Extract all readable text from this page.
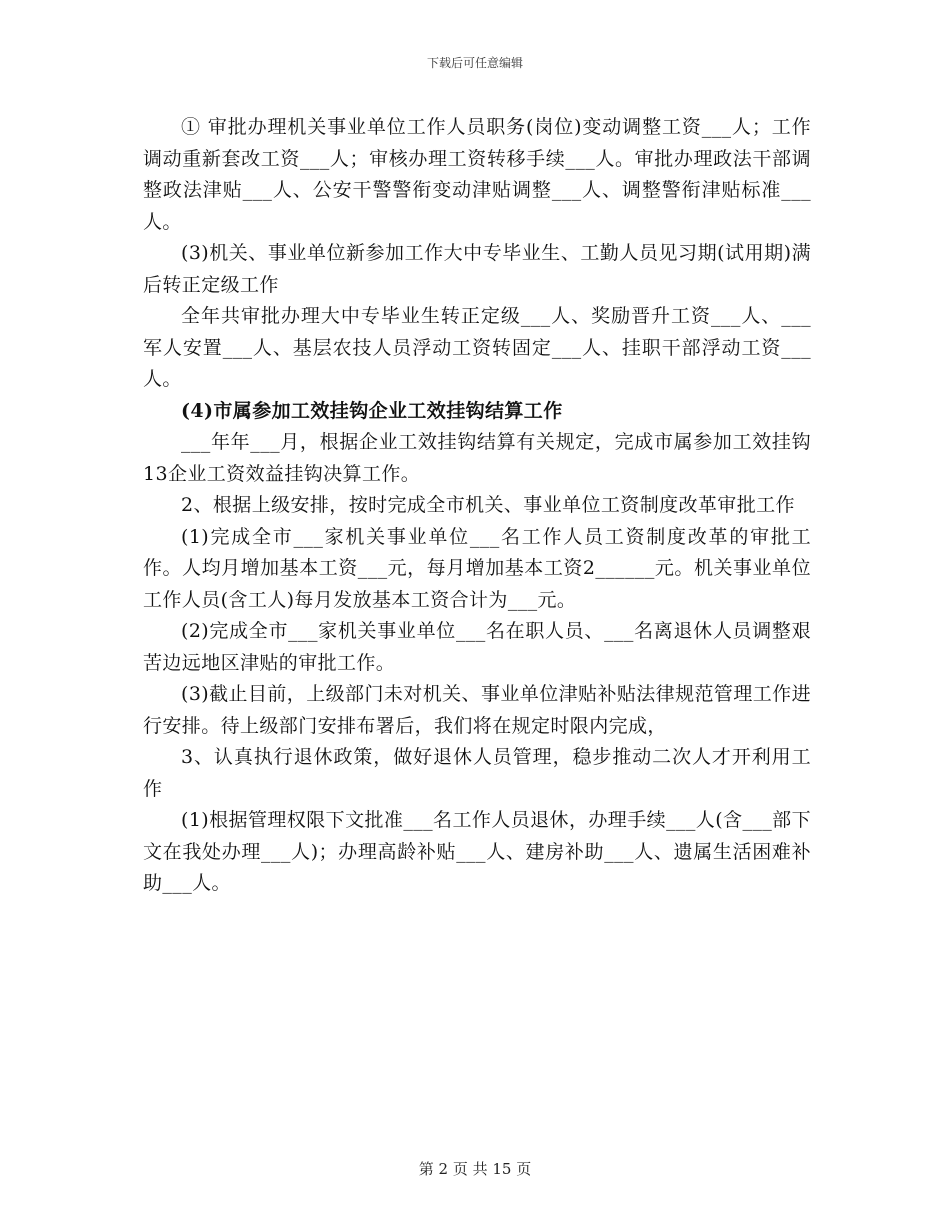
下载后可任意编辑

① 审批办理机关事业单位工作人员职务(岗位)变动调整工资___人；工作调动重新套改工资___人；审核办理工资转移手续___人。审批办理政法干部调整政法津贴___人、公安干警警衔变动津贴调整___人、调整警衔津贴标准___人。

(3)机关、事业单位新参加工作大中专毕业生、工勤人员见习期(试用期)满后转正定级工作

全年共审批办理大中专毕业生转正定级___人、奖励晋升工资___人、___军人安置___人、基层农技人员浮动工资转固定___人、挂职干部浮动工资___人。

(4)市属参加工效挂钩企业工效挂钩结算工作

___年年___月，根据企业工效挂钩结算有关规定，完成市属参加工效挂钩13企业工资效益挂钩决算工作。

2、根据上级安排，按时完成全市机关、事业单位工资制度改革审批工作

(1)完成全市___家机关事业单位___名工作人员工资制度改革的审批工作。人均月增加基本工资___元，每月增加基本工资2______元。机关事业单位工作人员(含工人)每月发放基本工资合计为___元。

(2)完成全市___家机关事业单位___名在职人员、___名离退休人员调整艰苦边远地区津贴的审批工作。

(3)截止目前，上级部门未对机关、事业单位津贴补贴法律规范管理工作进行安排。待上级部门安排布署后，我们将在规定时限内完成，

3、认真执行退休政策，做好退休人员管理，稳步推动二次人才开利用工作

(1)根据管理权限下文批准___名工作人员退休，办理手续___人(含___部下文在我处办理___人)；办理高龄补贴___人、建房补助___人、遗属生活困难补助___人。

第 2 页 共 15 页
